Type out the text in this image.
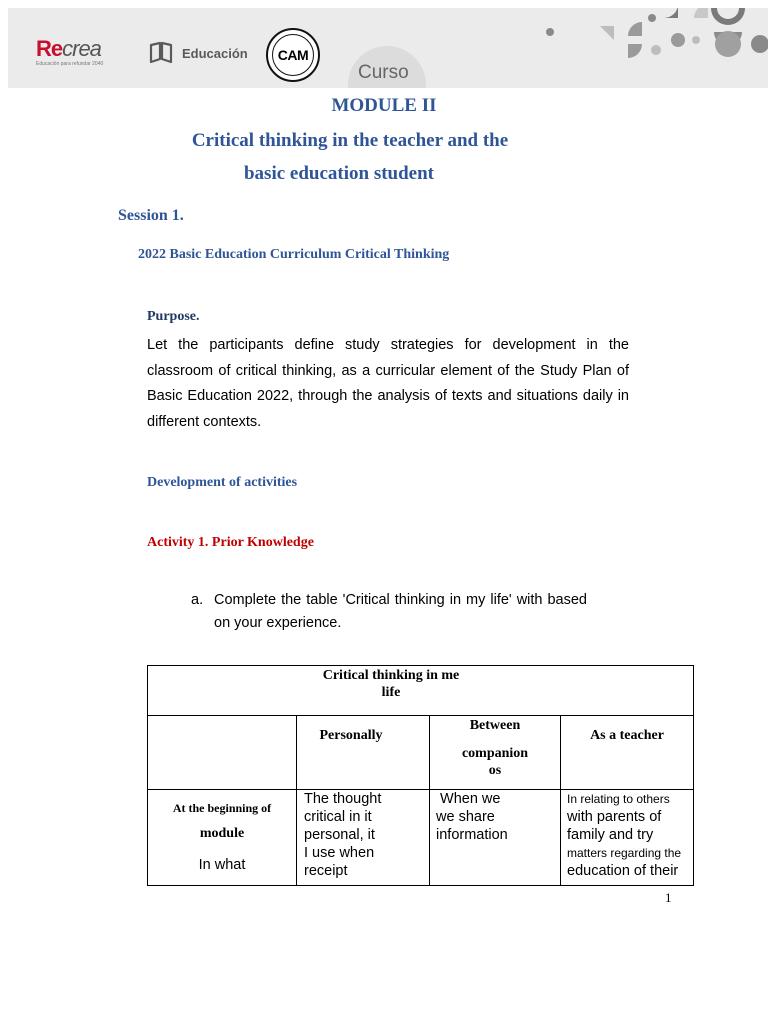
Recrea
Educación para refundar 2040
Educación CAM
Curso
MODULE II
Critical thinking in the teacher and the
basic education student
Session 1.
2022 Basic Education Curriculum Critical Thinking
Purpose.
Let the participants define study strategies for development in the classroom of critical thinking, as a curricular element of the Study Plan of Basic Education 2022, through the analysis of texts and situations daily in different contexts.
Development of activities
Activity 1. Prior Knowledge
a. Complete the table 'Critical thinking in my life' with based on your experience.
Critical thinking in me
life
Personally
Between
companion
os
As a teacher
At the beginning of
module
In what
The thought
critical in it
personal, it
I use when
receipt
When we
we share
information
In relating to others
with parents of
family and try
matters regarding the
education of their
1
